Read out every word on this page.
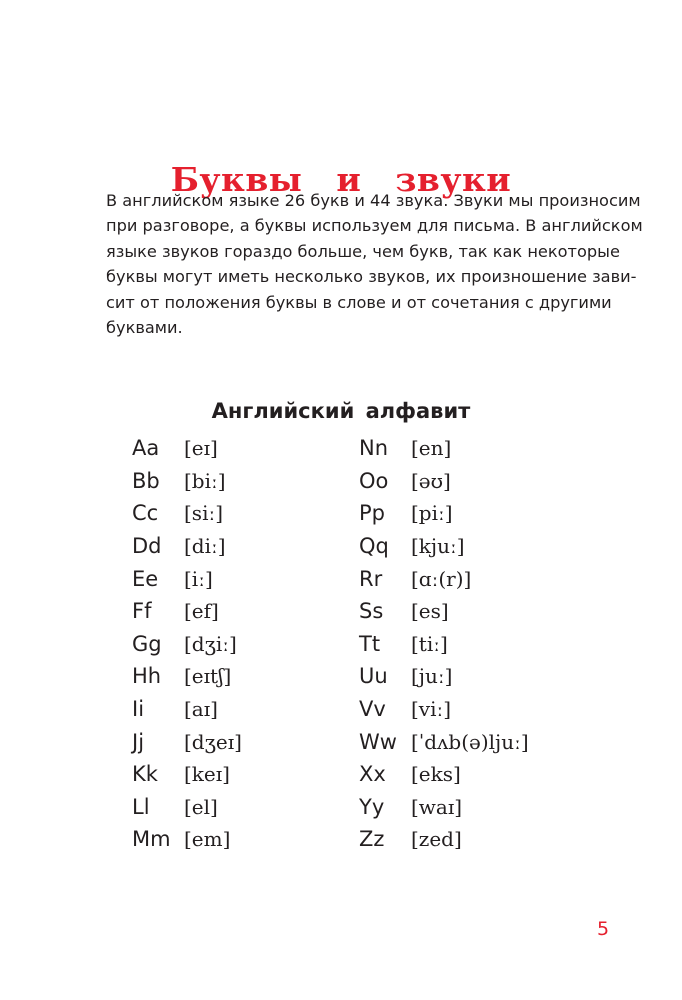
Буквы и звуки
В английском языке 26 букв и 44 звука. Звуки мы произносим
при разговоре, а буквы используем для письма. В английском
языке звуков гораздо больше, чем букв, так как некоторые
буквы могут иметь несколько звуков, их произношение зави-
сит от положения буквы в слове и от сочетания с другими
буквами.
Английский алфавит
Aa	[eɪ]
Bb	[biː]
Cc	[siː]
Dd	[diː]
Ee	[iː]
Ff	[ef]
Gg	[dʒiː]
Hh	[eɪtʃ]
Ii	[aɪ]
Jj	[dʒeɪ]
Kk	[keɪ]
Ll	[el]
Mm [em]
Nn	[en]
Oo	[əʊ]
Pp	[piː]
Qq	[kjuː]
Rr	[ɑː(r)]
Ss	[es]
Tt	[tiː]
Uu	[juː]
Vv	[viː]
Ww [ˈdʌb(ə)ljuː]
Xx	[eks]
Yy	[waɪ]
Zz	[zed]
5
